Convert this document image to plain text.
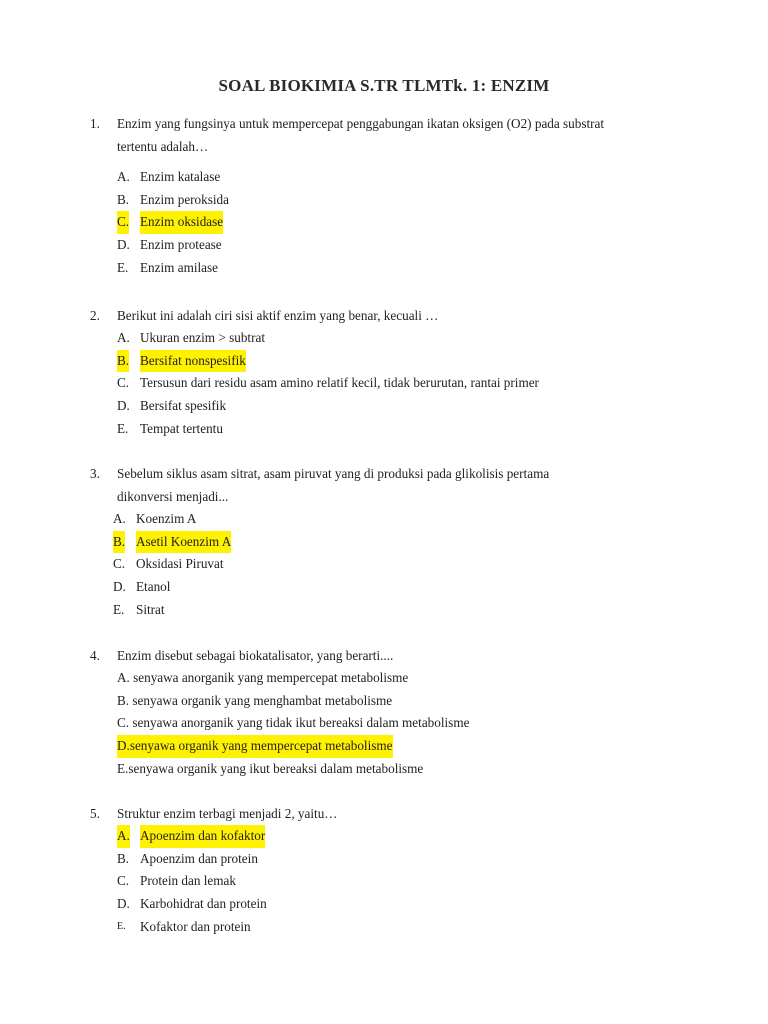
SOAL BIOKIMIA S.TR TLMTk. 1: ENZIM
1. Enzim yang fungsinya untuk mempercepat penggabungan ikatan oksigen (O2) pada substrat
tertentu adalah…
A. Enzim katalase
B. Enzim peroksida
C. Enzim oksidase
D. Enzim protease
E. Enzim amilase
2. Berikut ini adalah ciri sisi aktif enzim yang benar, kecuali …
A. Ukuran enzim > subtrat
B. Bersifat nonspesifik
C. Tersusun dari residu asam amino relatif kecil, tidak berurutan, rantai primer
D. Bersifat spesifik
E. Tempat tertentu
3. Sebelum siklus asam sitrat, asam piruvat yang di produksi pada glikolisis pertama
dikonversi menjadi...
A. Koenzim A
B. Asetil Koenzim A
C. Oksidasi Piruvat
D. Etanol
E. Sitrat
4. Enzim disebut sebagai biokatalisator, yang berarti....
A. senyawa anorganik yang mempercepat metabolisme
B. senyawa organik yang menghambat metabolisme
C. senyawa anorganik yang tidak ikut bereaksi dalam metabolisme
D.senyawa organik yang mempercepat metabolisme
E.senyawa organik yang ikut bereaksi dalam metabolisme
5. Struktur enzim terbagi menjadi 2, yaitu…
A. Apoenzim dan kofaktor
B. Apoenzim dan protein
C. Protein dan lemak
D. Karbohidrat dan protein
E. Kofaktor dan protein
